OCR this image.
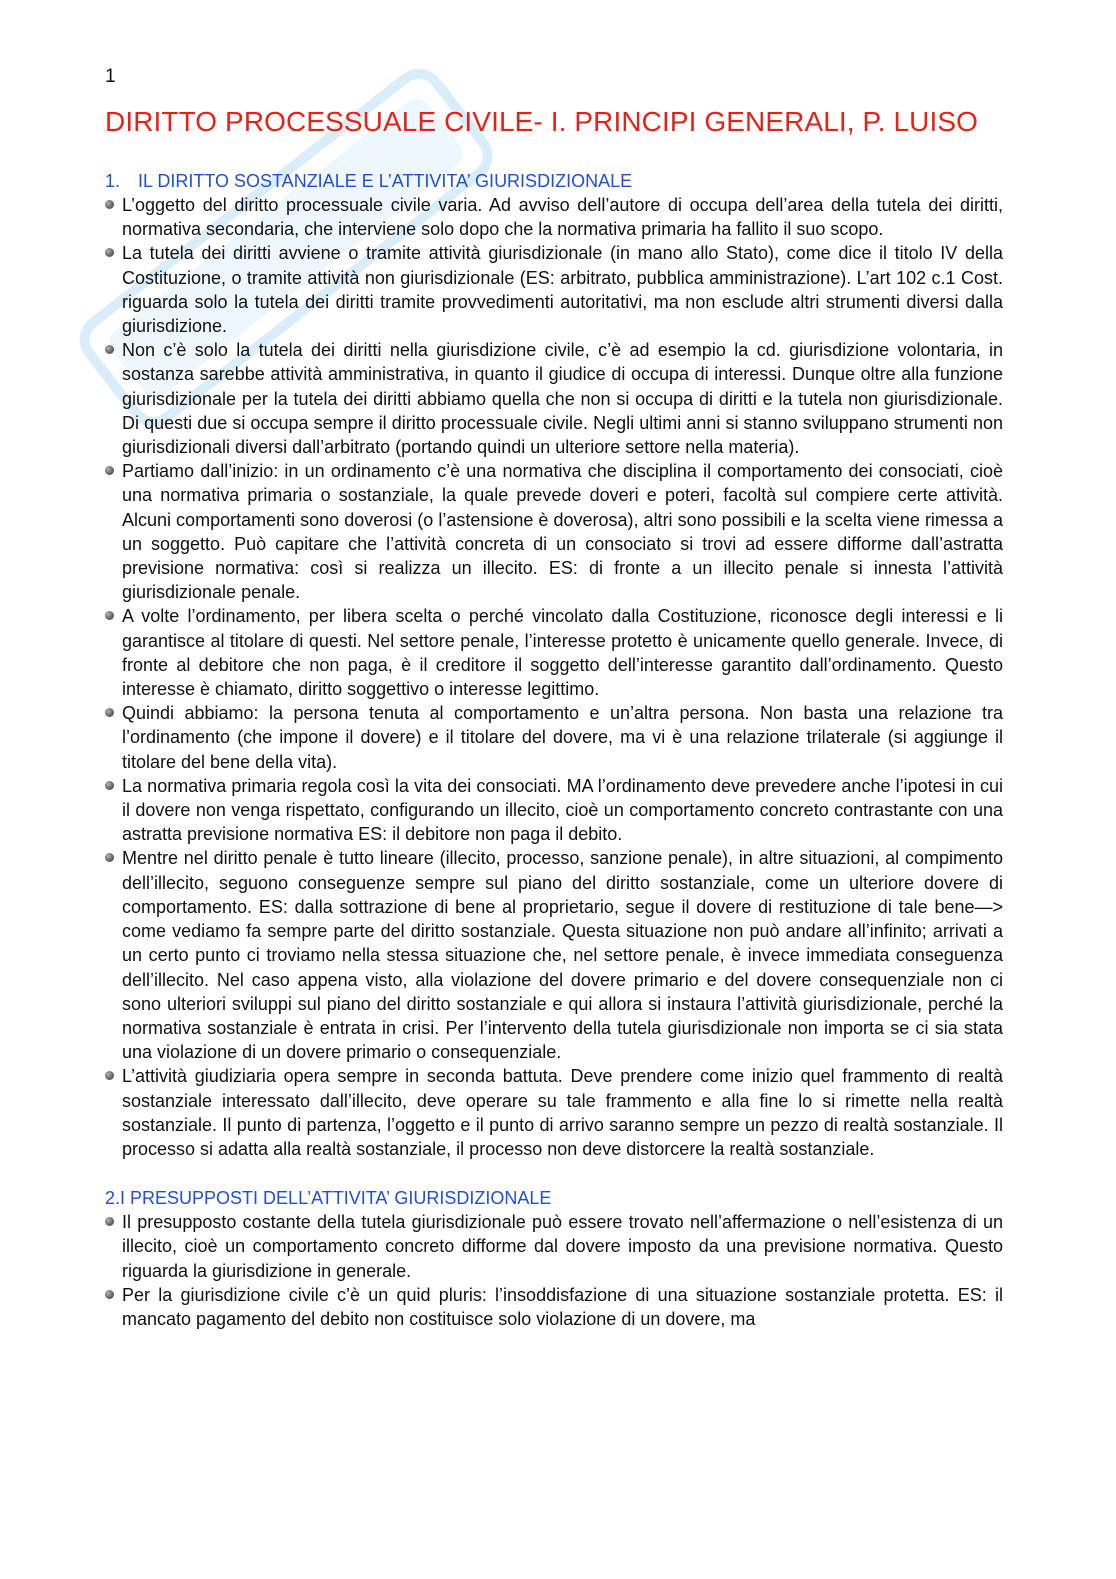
1
DIRITTO PROCESSUALE CIVILE- I. PRINCIPI GENERALI, P. LUISO
1. IL DIRITTO SOSTANZIALE E L’ATTIVITA’ GIURISDIZIONALE
L’oggetto del diritto processuale civile varia. Ad avviso dell’autore di occupa dell’area della tutela dei diritti, normativa secondaria, che interviene solo dopo che la normativa primaria ha fallito il suo scopo.
La tutela dei diritti avviene o tramite attività giurisdizionale (in mano allo Stato), come dice il titolo IV della Costituzione, o tramite attività non giurisdizionale (ES: arbitrato, pubblica amministrazione). L’art 102 c.1 Cost. riguarda solo la tutela dei diritti tramite provvedimenti autoritativi, ma non esclude altri strumenti diversi dalla giurisdizione.
Non c’è solo la tutela dei diritti nella giurisdizione civile, c’è ad esempio la cd. giurisdizione volontaria, in sostanza sarebbe attività amministrativa, in quanto il giudice di occupa di interessi. Dunque oltre alla funzione giurisdizionale per la tutela dei diritti abbiamo quella che non si occupa di diritti e la tutela non giurisdizionale. Di questi due si occupa sempre il diritto processuale civile. Negli ultimi anni si stanno sviluppano strumenti non giurisdizionali diversi dall’arbitrato (portando quindi un ulteriore settore nella materia).
Partiamo dall’inizio: in un ordinamento c’è una normativa che disciplina il comportamento dei consociati, cioè una normativa primaria o sostanziale, la quale prevede doveri e poteri, facoltà sul compiere certe attività. Alcuni comportamenti sono doverosi (o l’astensione è doverosa), altri sono possibili e la scelta viene rimessa a un soggetto. Può capitare che l’attività concreta di un consociato si trovi ad essere difforme dall’astratta previsione normativa: così si realizza un illecito. ES: di fronte a un illecito penale si innesta l’attività giurisdizionale penale.
A volte l’ordinamento, per libera scelta o perché vincolato dalla Costituzione, riconosce degli interessi e li garantisce al titolare di questi. Nel settore penale, l’interesse protetto è unicamente quello generale. Invece, di fronte al debitore che non paga, è il creditore il soggetto dell’interesse garantito dall’ordinamento. Questo interesse è chiamato, diritto soggettivo o interesse legittimo.
Quindi abbiamo: la persona tenuta al comportamento e un’altra persona. Non basta una relazione tra l’ordinamento (che impone il dovere) e il titolare del dovere, ma vi è una relazione trilaterale (si aggiunge il titolare del bene della vita).
La normativa primaria regola così la vita dei consociati. MA l’ordinamento deve prevedere anche l’ipotesi in cui il dovere non venga rispettato, configurando un illecito, cioè un comportamento concreto contrastante con una astratta previsione normativa ES: il debitore non paga il debito.
Mentre nel diritto penale è tutto lineare (illecito, processo, sanzione penale), in altre situazioni, al compimento dell’illecito, seguono conseguenze sempre sul piano del diritto sostanziale, come un ulteriore dovere di comportamento. ES: dalla sottrazione di bene al proprietario, segue il dovere di restituzione di tale bene—> come vediamo fa sempre parte del diritto sostanziale. Questa situazione non può andare all’infinito; arrivati a un certo punto ci troviamo nella stessa situazione che, nel settore penale, è invece immediata conseguenza dell’illecito. Nel caso appena visto, alla violazione del dovere primario e del dovere consequenziale non ci sono ulteriori sviluppi sul piano del diritto sostanziale e qui allora si instaura l’attività giurisdizionale, perché la normativa sostanziale è entrata in crisi. Per l’intervento della tutela giurisdizionale non importa se ci sia stata una violazione di un dovere primario o consequenziale.
L’attività giudiziaria opera sempre in seconda battuta. Deve prendere come inizio quel frammento di realtà sostanziale interessato dall’illecito, deve operare su tale frammento e alla fine lo si rimette nella realtà sostanziale. Il punto di partenza, l’oggetto e il punto di arrivo saranno sempre un pezzo di realtà sostanziale. Il processo si adatta alla realtà sostanziale, il processo non deve distorcere la realtà sostanziale.
2.I PRESUPPOSTI DELL’ATTIVITA’ GIURISDIZIONALE
Il presupposto costante della tutela giurisdizionale può essere trovato nell’affermazione o nell’esistenza di un illecito, cioè un comportamento concreto difforme dal dovere imposto da una previsione normativa. Questo riguarda la giurisdizione in generale.
Per la giurisdizione civile c’è un quid pluris: l’insoddisfazione di una situazione sostanziale protetta. ES: il mancato pagamento del debito non costituisce solo violazione di un dovere, ma
